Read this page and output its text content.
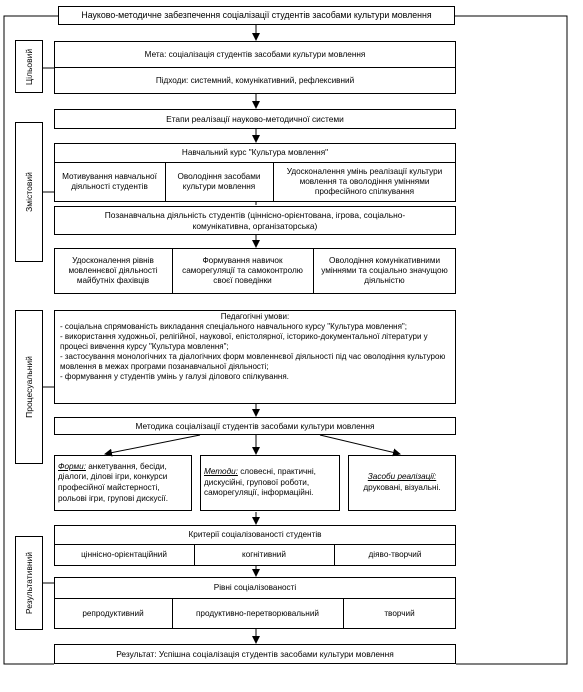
Науково-методичне забезпечення соціалізації студентів засобами культури мовлення
Цільовий
Змістовий
Процесуальний
Результативний
Мета: соціалізація студентів засобами культури мовлення
Підходи: системний, комунікативний, рефлексивний
Етапи реалізації науково-методичної системи
Навчальний курс "Культура мовлення"
Мотивування навчальної діяльності студентів
Оволодіння засобами культури мовлення
Удосконалення умінь реалізації культури мовлення та оволодіння уміннями професійного спілкування
Позанавчальна діяльність студентів (ціннісно-орієнтована, ігрова, соціально-комунікативна, організаторська)
Удосконалення рівнів мовленнєвої діяльності майбутніх фахівців
Формування навичок саморегуляції та самоконтролю своєї поведінки
Оволодіння комунікативними уміннями та соціально значущою діяльністю
Педагогічні умови:
- соціальна спрямованість викладання спеціального навчального курсу "Культура мовлення";
- використання художньої, релігійної, наукової, епістолярної, історико-документальної літератури у процесі вивчення курсу "Культура мовлення";
- застосування монологічних та діалогічних форм мовленнєвої діяльності під час оволодіння культурою мовлення в межах програми позанавчальної діяльності;
- формування у студентів умінь у галузі ділового спілкування.
Методика соціалізації студентів засобами культури мовлення
Форми: анкетування, бесіди, діалоги, ділові ігри, конкурси професійної майстерності, рольові ігри, групові дискусії.
Методи: словесні, практичні, дискусійні, групової роботи, саморегуляції, інформаційні.
Засоби реалізації:
друковані, візуальні.
Критерії соціалізованості студентів
ціннісно-орієнтаційний	когнітивний	діяво-творчий
Рівні соціалізованості
репродуктивний	продуктивно-перетворювальний	творчий
Результат: Успішна соціалізація студентів засобами культури мовлення
